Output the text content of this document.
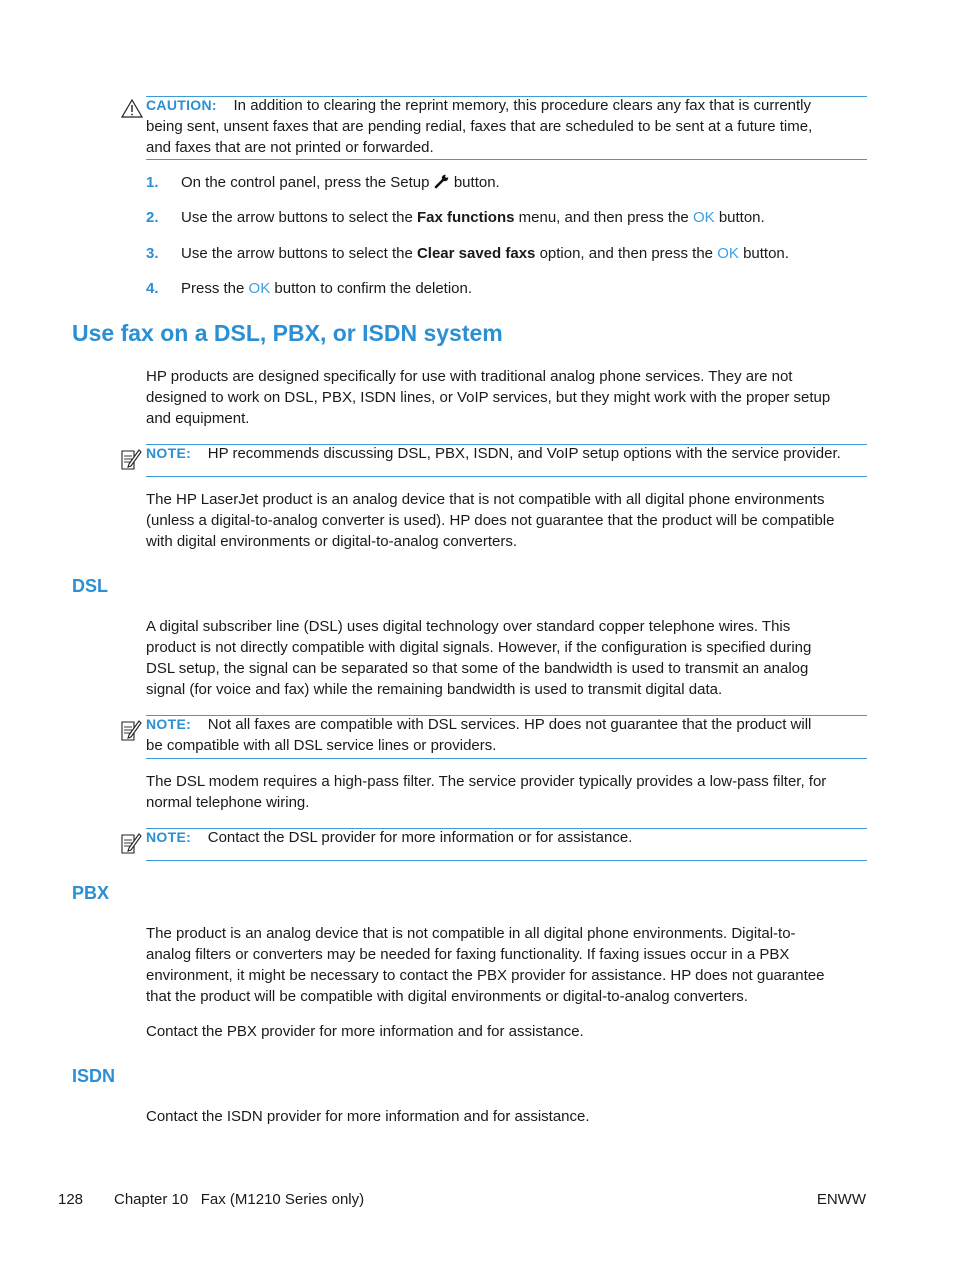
CAUTION: In addition to clearing the reprint memory, this procedure clears any fax that is currently
being sent, unsent faxes that are pending redial, faxes that are scheduled to be sent at a future time,
and faxes that are not printed or forwarded.
1. On the control panel, press the Setup button.
2. Use the arrow buttons to select the Fax functions menu, and then press the OK button.
3. Use the arrow buttons to select the Clear saved faxs option, and then press the OK button.
4. Press the OK button to confirm the deletion.
Use fax on a DSL, PBX, or ISDN system
HP products are designed specifically for use with traditional analog phone services. They are not
designed to work on DSL, PBX, ISDN lines, or VoIP services, but they might work with the proper setup
and equipment.
NOTE: HP recommends discussing DSL, PBX, ISDN, and VoIP setup options with the service provider.
The HP LaserJet product is an analog device that is not compatible with all digital phone environments
(unless a digital-to-analog converter is used). HP does not guarantee that the product will be compatible
with digital environments or digital-to-analog converters.
DSL
A digital subscriber line (DSL) uses digital technology over standard copper telephone wires. This
product is not directly compatible with digital signals. However, if the configuration is specified during
DSL setup, the signal can be separated so that some of the bandwidth is used to transmit an analog
signal (for voice and fax) while the remaining bandwidth is used to transmit digital data.
NOTE: Not all faxes are compatible with DSL services. HP does not guarantee that the product will
be compatible with all DSL service lines or providers.
The DSL modem requires a high-pass filter. The service provider typically provides a low-pass filter, for
normal telephone wiring.
NOTE: Contact the DSL provider for more information or for assistance.
PBX
The product is an analog device that is not compatible in all digital phone environments. Digital-to-
analog filters or converters may be needed for faxing functionality. If faxing issues occur in a PBX
environment, it might be necessary to contact the PBX provider for assistance. HP does not guarantee
that the product will be compatible with digital environments or digital-to-analog converters.
Contact the PBX provider for more information and for assistance.
ISDN
Contact the ISDN provider for more information and for assistance.
128 Chapter 10   Fax (M1210 Series only)	ENWW
